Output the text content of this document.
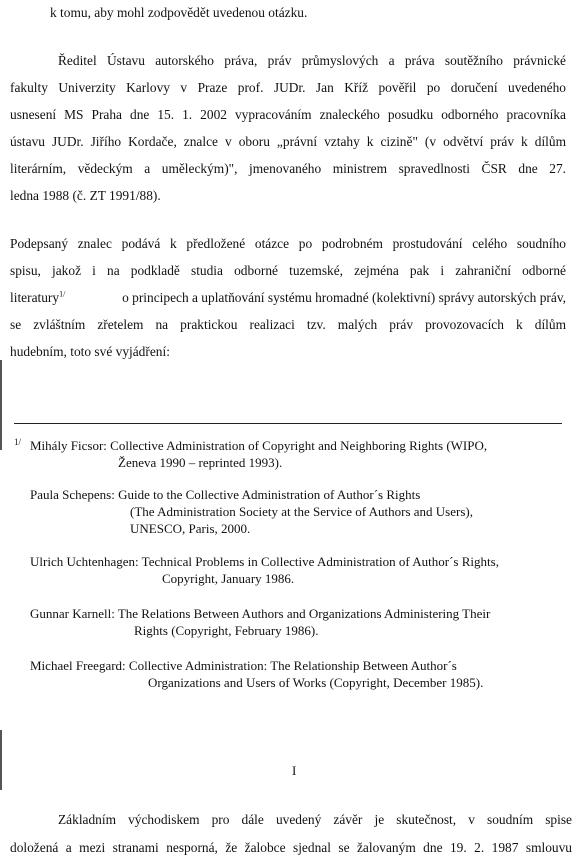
k tomu, aby mohl zodpovědět uvedenou otázku.
Ředitel Ústavu autorského práva, práv průmyslových a práva soutěžního právnické
fakulty Univerzity Karlovy v Praze prof. JUDr. Jan Kříž pověřil po doručení uvedeného
usnesení MS Praha dne 15. 1. 2002 vypracováním znaleckého posudku odborného pracovníka
ústavu JUDr. Jiřího Kordače, znalce v oboru „právní vztahy k cizině" (v odvětví práv k dílům
literárním, vědeckým a uměleckým)", jmenovaného ministrem spravedlnosti ČSR dne 27.
ledna 1988 (č. ZT 1991/88).
Podepsaný znalec podává k předložené otázce po podrobném prostudování celého soudního
spisu, jakož i na podkladě studia odborné tuzemské, zejména pak i zahraniční odborné
literatury$^{1/}$	o principech a uplatňování systému hromadné (kolektivní) správy autorských práv,
se zvláštním zřetelem na praktickou realizaci tzv. malých práv provozovacích k dílům
hudebním, toto své vyjádření:
1/ Mihály Ficsor: Collective Administration of Copyright and Neighboring Rights (WIPO,
Ženeva 1990 – reprinted 1993).
Paula Schepens: Guide to the Collective Administration of Author´s Rights
(The Administration Society at the Service of Authors and Users),
UNESCO, Paris, 2000.
Ulrich Uchtenhagen: Technical Problems in Collective Administration of Author´s Rights,
Copyright, January 1986.
Gunnar Karnell: The Relations Between Authors and Organizations Administering Their
Rights (Copyright, February 1986).
Michael Freegard: Collective Administration: The Relationship Between Author´s
Organizations and Users of Works (Copyright, December 1985).
I
Základním východiskem pro dále uvedený závěr je skutečnost, v soudním spise
doložená a mezi stranami nesporná, že žalobce sjednal se žalovaným dne 19. 2. 1987 smlouvu
